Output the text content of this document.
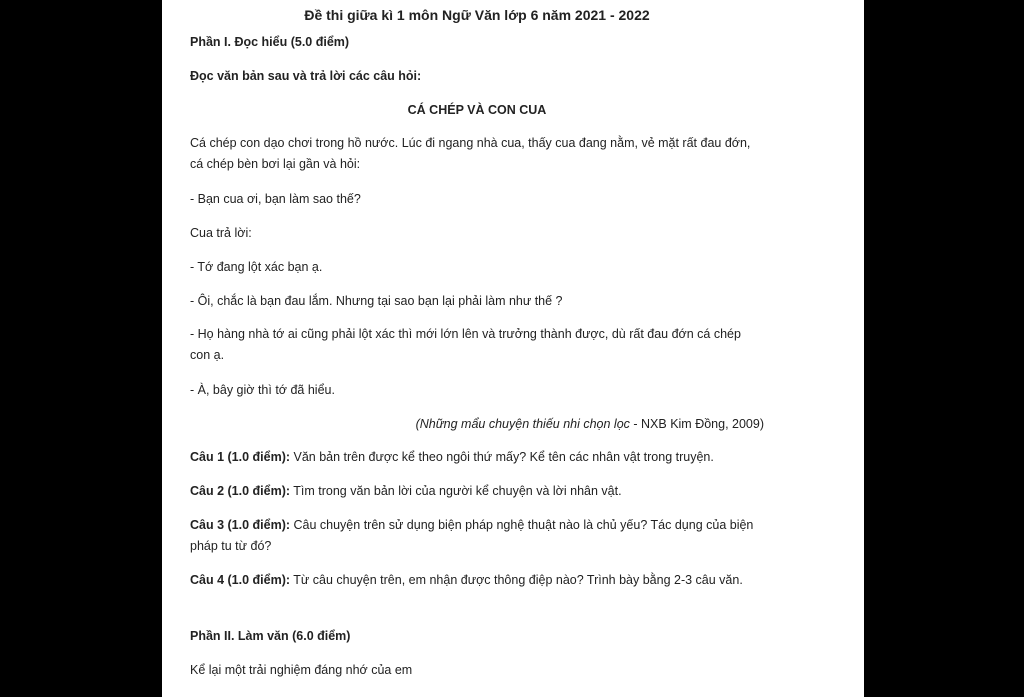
Đề thi giữa kì 1 môn Ngữ Văn lớp 6 năm 2021 - 2022
Phần I. Đọc hiểu (5.0 điểm)
Đọc văn bản sau và trả lời các câu hỏi:
CÁ CHÉP VÀ CON CUA
Cá chép con dạo chơi trong hồ nước. Lúc đi ngang nhà cua, thấy cua đang nằm, vẻ mặt rất đau đớn, cá chép bèn bơi lại gần và hỏi:
- Bạn cua ơi, bạn làm sao thế?
Cua trả lời:
- Tớ đang lột xác bạn ạ.
- Ôi, chắc là bạn đau lắm. Nhưng tại sao bạn lại phải làm như thế ?
- Họ hàng nhà tớ ai cũng phải lột xác thì mới lớn lên và trưởng thành được, dù rất đau đớn cá chép con ạ.
- À, bây giờ thì tớ đã hiểu.
(Những mẩu chuyện thiếu nhi chọn lọc - NXB Kim Đồng, 2009)
Câu 1 (1.0 điểm): Văn bản trên được kể theo ngôi thứ mấy? Kể tên các nhân vật trong truyện.
Câu 2 (1.0 điểm): Tìm trong văn bản lời của người kể chuyện và lời nhân vật.
Câu 3 (1.0 điểm): Câu chuyện trên sử dụng biện pháp nghệ thuật nào là chủ yếu? Tác dụng của biện pháp tu từ đó?
Câu 4 (1.0 điểm): Từ câu chuyện trên, em nhận được thông điệp nào? Trình bày bằng 2-3 câu văn.
Phần II. Làm văn (6.0 điểm)
Kể lại một trải nghiệm đáng nhớ của em
